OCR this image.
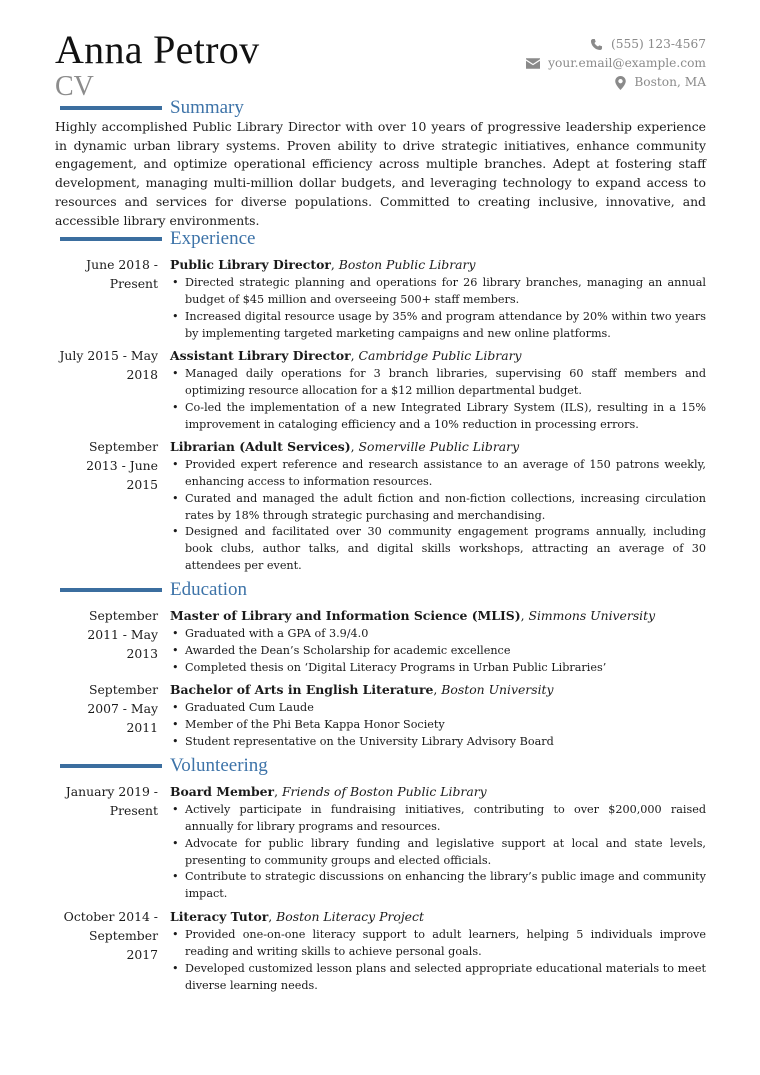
Anna Petrov
CV
(555) 123-4567
your.email@example.com
Boston, MA
Summary
Highly accomplished Public Library Director with over 10 years of progressive leadership experience in dynamic urban library systems. Proven ability to drive strategic initiatives, enhance community engagement, and optimize operational efficiency across multiple branches. Adept at fostering staff development, managing multi-million dollar budgets, and leveraging technology to expand access to resources and services for diverse populations. Committed to creating inclusive, innovative, and accessible library environments.
Experience
June 2018 - Present
Public Library Director, Boston Public Library
• Directed strategic planning and operations for 26 library branches, managing an annual budget of $45 million and overseeing 500+ staff members.
• Increased digital resource usage by 35% and program attendance by 20% within two years by implementing targeted marketing campaigns and new online platforms.
July 2015 - May 2018
Assistant Library Director, Cambridge Public Library
• Managed daily operations for 3 branch libraries, supervising 60 staff members and optimizing resource allocation for a $12 million departmental budget.
• Co-led the implementation of a new Integrated Library System (ILS), resulting in a 15% improvement in cataloging efficiency and a 10% reduction in processing errors.
September 2013 - June 2015
Librarian (Adult Services), Somerville Public Library
• Provided expert reference and research assistance to an average of 150 patrons weekly, enhancing access to information resources.
• Curated and managed the adult fiction and non-fiction collections, increasing circulation rates by 18% through strategic purchasing and merchandising.
• Designed and facilitated over 30 community engagement programs annually, including book clubs, author talks, and digital skills workshops, attracting an average of 30 attendees per event.
Education
September 2011 - May 2013
Master of Library and Information Science (MLIS), Simmons University
• Graduated with a GPA of 3.9/4.0
• Awarded the Dean’s Scholarship for academic excellence
• Completed thesis on ‘Digital Literacy Programs in Urban Public Libraries’
September 2007 - May 2011
Bachelor of Arts in English Literature, Boston University
• Graduated Cum Laude
• Member of the Phi Beta Kappa Honor Society
• Student representative on the University Library Advisory Board
Volunteering
January 2019 - Present
Board Member, Friends of Boston Public Library
• Actively participate in fundraising initiatives, contributing to over $200,000 raised annually for library programs and resources.
• Advocate for public library funding and legislative support at local and state levels, presenting to community groups and elected officials.
• Contribute to strategic discussions on enhancing the library’s public image and community impact.
October 2014 - September 2017
Literacy Tutor, Boston Literacy Project
• Provided one-on-one literacy support to adult learners, helping 5 individuals improve reading and writing skills to achieve personal goals.
• Developed customized lesson plans and selected appropriate educational materials to meet diverse learning needs.
